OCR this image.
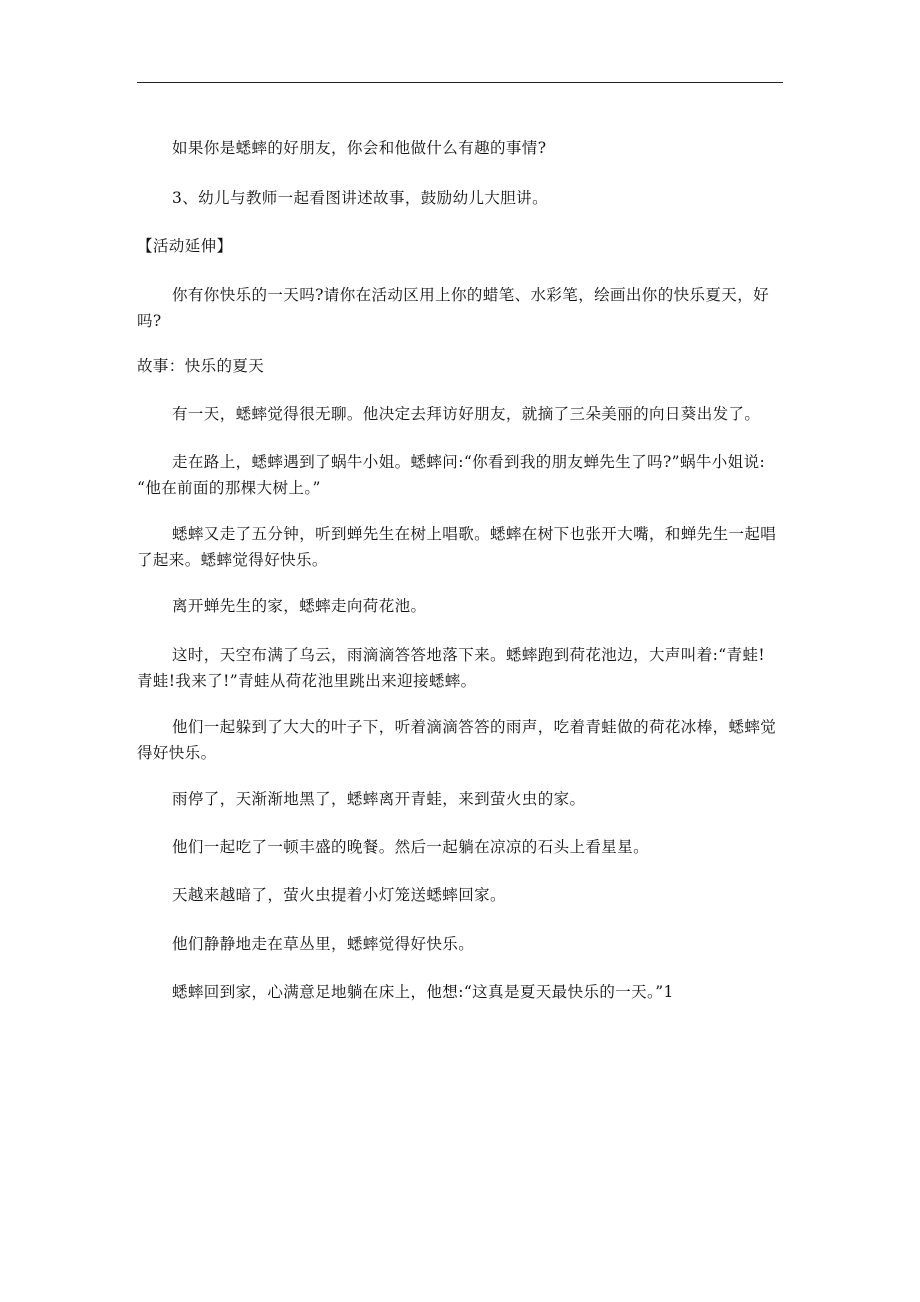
如果你是蟋蟀的好朋友，你会和他做什么有趣的事情?
3、幼儿与教师一起看图讲述故事，鼓励幼儿大胆讲。
【活动延伸】
你有你快乐的一天吗?请你在活动区用上你的蜡笔、水彩笔，绘画出你的快乐夏天，好
吗?
故事：快乐的夏天
有一天，蟋蟀觉得很无聊。他决定去拜访好朋友，就摘了三朵美丽的向日葵出发了。
走在路上，蟋蟀遇到了蜗牛小姐。蟋蟀问:“你看到我的朋友蝉先生了吗?”蜗牛小姐说:
“他在前面的那棵大树上。”
蟋蟀又走了五分钟，听到蝉先生在树上唱歌。蟋蟀在树下也张开大嘴，和蝉先生一起唱
了起来。蟋蟀觉得好快乐。
离开蝉先生的家，蟋蟀走向荷花池。
这时，天空布满了乌云，雨滴滴答答地落下来。蟋蟀跑到荷花池边，大声叫着:“青蛙!
青蛙!我来了!”青蛙从荷花池里跳出来迎接蟋蟀。
他们一起躲到了大大的叶子下，听着滴滴答答的雨声，吃着青蛙做的荷花冰棒，蟋蟀觉
得好快乐。
雨停了，天渐渐地黑了，蟋蟀离开青蛙，来到萤火虫的家。
他们一起吃了一顿丰盛的晚餐。然后一起躺在凉凉的石头上看星星。
天越来越暗了，萤火虫提着小灯笼送蟋蟀回家。
他们静静地走在草丛里，蟋蟀觉得好快乐。
蟋蟀回到家，心满意足地躺在床上，他想:“这真是夏天最快乐的一天。”1
